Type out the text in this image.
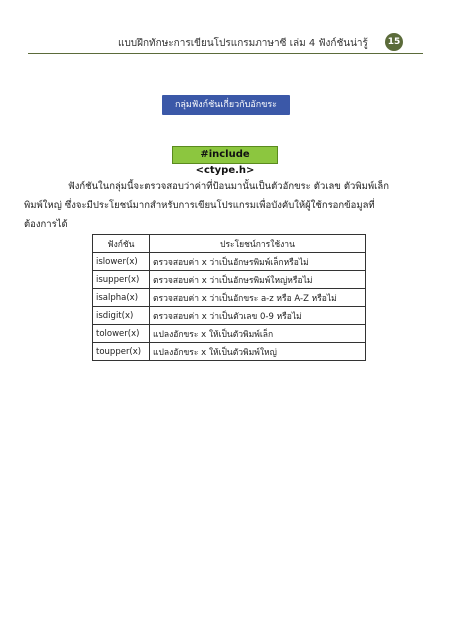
แบบฝึกทักษะการเขียนโปรแกรมภาษาซี เล่ม 4 ฟังก์ชันน่ารู้	15
กลุ่มฟังก์ชันเกี่ยวกับอักขระ
#include <ctype.h>
ฟังก์ชันในกลุ่มนี้จะตรวจสอบว่าค่าที่ป้อนมานั้นเป็นตัวอักขระ ตัวเลข ตัวพิมพ์เล็ก
พิมพ์ใหญ่ ซึ่งจะมีประโยชน์มากสำหรับการเขียนโปรแกรมเพื่อบังคับให้ผู้ใช้กรอกข้อมูลที่
ต้องการได้
ฟังก์ชัน	ประโยชน์การใช้งาน
islower(x)	ตรวจสอบค่า x ว่าเป็นอักษรพิมพ์เล็กหรือไม่
isupper(x)	ตรวจสอบค่า x ว่าเป็นอักษรพิมพ์ใหญ่หรือไม่
isalpha(x)	ตรวจสอบค่า x ว่าเป็นอักขระ a-z หรือ A-Z หรือไม่
isdigit(x)	ตรวจสอบค่า x ว่าเป็นตัวเลข 0-9 หรือไม่
tolower(x)	แปลงอักขระ x ให้เป็นตัวพิมพ์เล็ก
toupper(x)	แปลงอักขระ x ให้เป็นตัวพิมพ์ใหญ่
